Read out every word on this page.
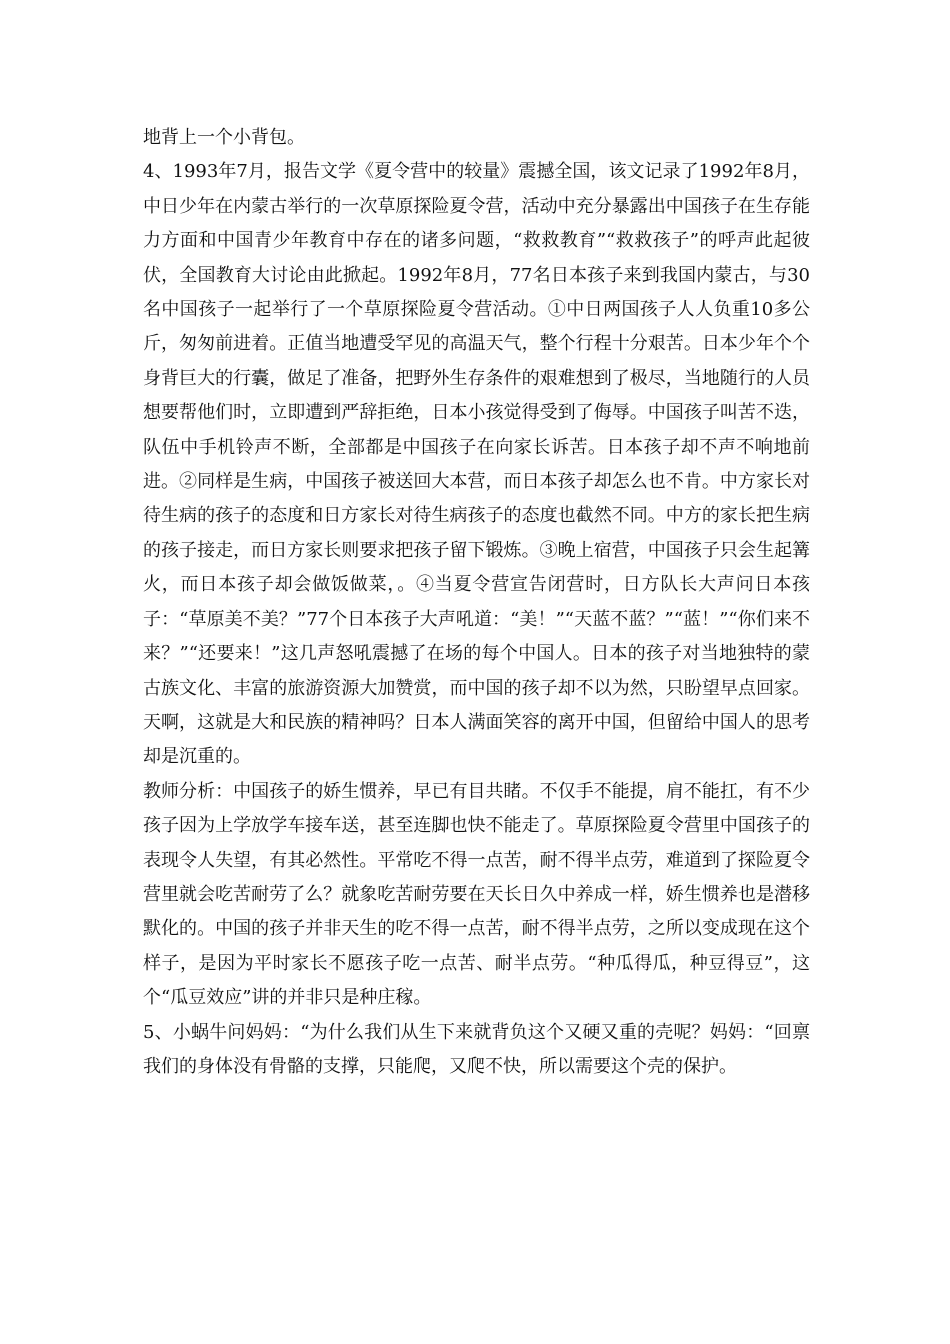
地背上一个小背包。

4、1993年7月，报告文学《夏令营中的较量》震撼全国，该文记录了1992年8月，中日少年在内蒙古举行的一次草原探险夏令营，活动中充分暴露出中国孩子在生存能力方面和中国青少年教育中存在的诸多问题，“救救教育”“救救孩子”的呼声此起彼伏，全国教育大讨论由此掀起。1992年8月，77名日本孩子来到我国内蒙古，与30名中国孩子一起举行了一个草原探险夏令营活动。①中日两国孩子人人负重10多公斤，匆匆前进着。正值当地遭受罕见的高温天气，整个行程十分艰苦。日本少年个个身背巨大的行囊，做足了准备，把野外生存条件的艰难想到了极尽，当地随行的人员想要帮他们时，立即遭到严辞拒绝，日本小孩觉得受到了侮辱。中国孩子叫苦不迭，队伍中手机铃声不断，全部都是中国孩子在向家长诉苦。日本孩子却不声不响地前进。②同样是生病，中国孩子被送回大本营，而日本孩子却怎么也不肯。中方家长对待生病的孩子的态度和日方家长对待生病孩子的态度也截然不同。中方的家长把生病的孩子接走，而日方家长则要求把孩子留下锻炼。③晚上宿营，中国孩子只会生起篝火，而日本孩子却会做饭做菜，。④当夏令营宣告闭营时，日方队长大声问日本孩子：“草原美不美？”77个日本孩子大声吼道：“美！”“天蓝不蓝？”“蓝！”“你们来不来？”“还要来！”这几声怒吼震撼了在场的每个中国人。日本的孩子对当地独特的蒙古族文化、丰富的旅游资源大加赞赏，而中国的孩子却不以为然，只盼望早点回家。天啊，这就是大和民族的精神吗？日本人满面笑容的离开中国，但留给中国人的思考却是沉重的。

教师分析：中国孩子的娇生惯养，早已有目共睹。不仅手不能提，肩不能扛，有不少孩子因为上学放学车接车送，甚至连脚也快不能走了。草原探险夏令营里中国孩子的表现令人失望，有其必然性。平常吃不得一点苦，耐不得半点劳，难道到了探险夏令营里就会吃苦耐劳了么？就象吃苦耐劳要在天长日久中养成一样，娇生惯养也是潜移默化的。中国的孩子并非天生的吃不得一点苦，耐不得半点劳，之所以变成现在这个样子，是因为平时家长不愿孩子吃一点苦、耐半点劳。“种瓜得瓜，种豆得豆”，这个“瓜豆效应”讲的并非只是种庄稼。

5、小蜗牛问妈妈：“为什么我们从生下来就背负这个又硬又重的壳呢？妈妈：“回禀我们的身体没有骨骼的支撑，只能爬，又爬不快，所以需要这个壳的保护。
